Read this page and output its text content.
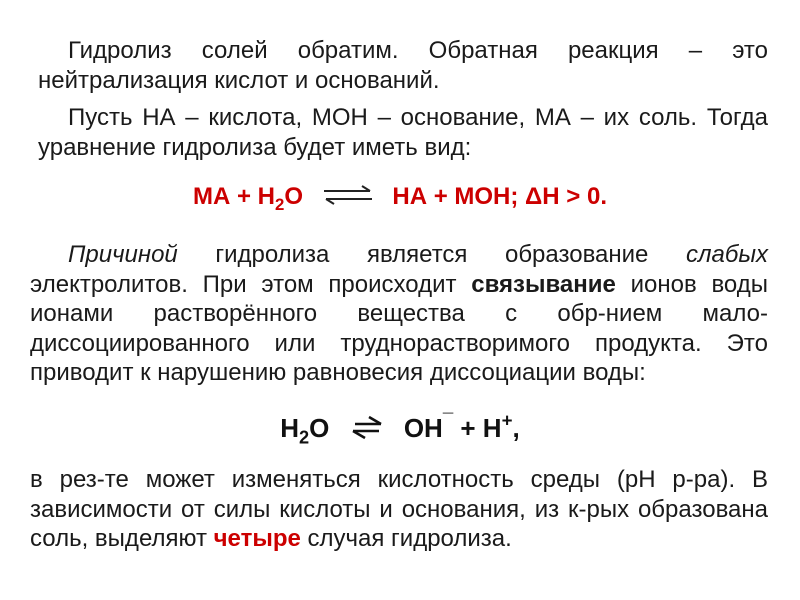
Гидролиз солей обратим. Обратная реакция – это нейтрализация кислот и оснований.

Пусть НА – кислота, МОН – основание, МА – их соль. Тогда уравнение гидролиза будет иметь вид:

МА + $Н_2О$ ⇌ НА + МОН; ΔН > 0.

Причиной гидролиза является образование слабых электролитов. При этом происходит связывание ионов воды ионами растворённого вещества с обр-нием мало-диссоциированного или труднорастворимого продукта. Это приводит к нарушению равновесия диссоциации воды:

$Н_2О$	ОН¯ + Н+,

в рез-те может изменяться кислотность среды (рН р-ра). В зависимости от силы кислоты и основания, из к-рых образована соль, выделяют четыре случая гидролиза.
